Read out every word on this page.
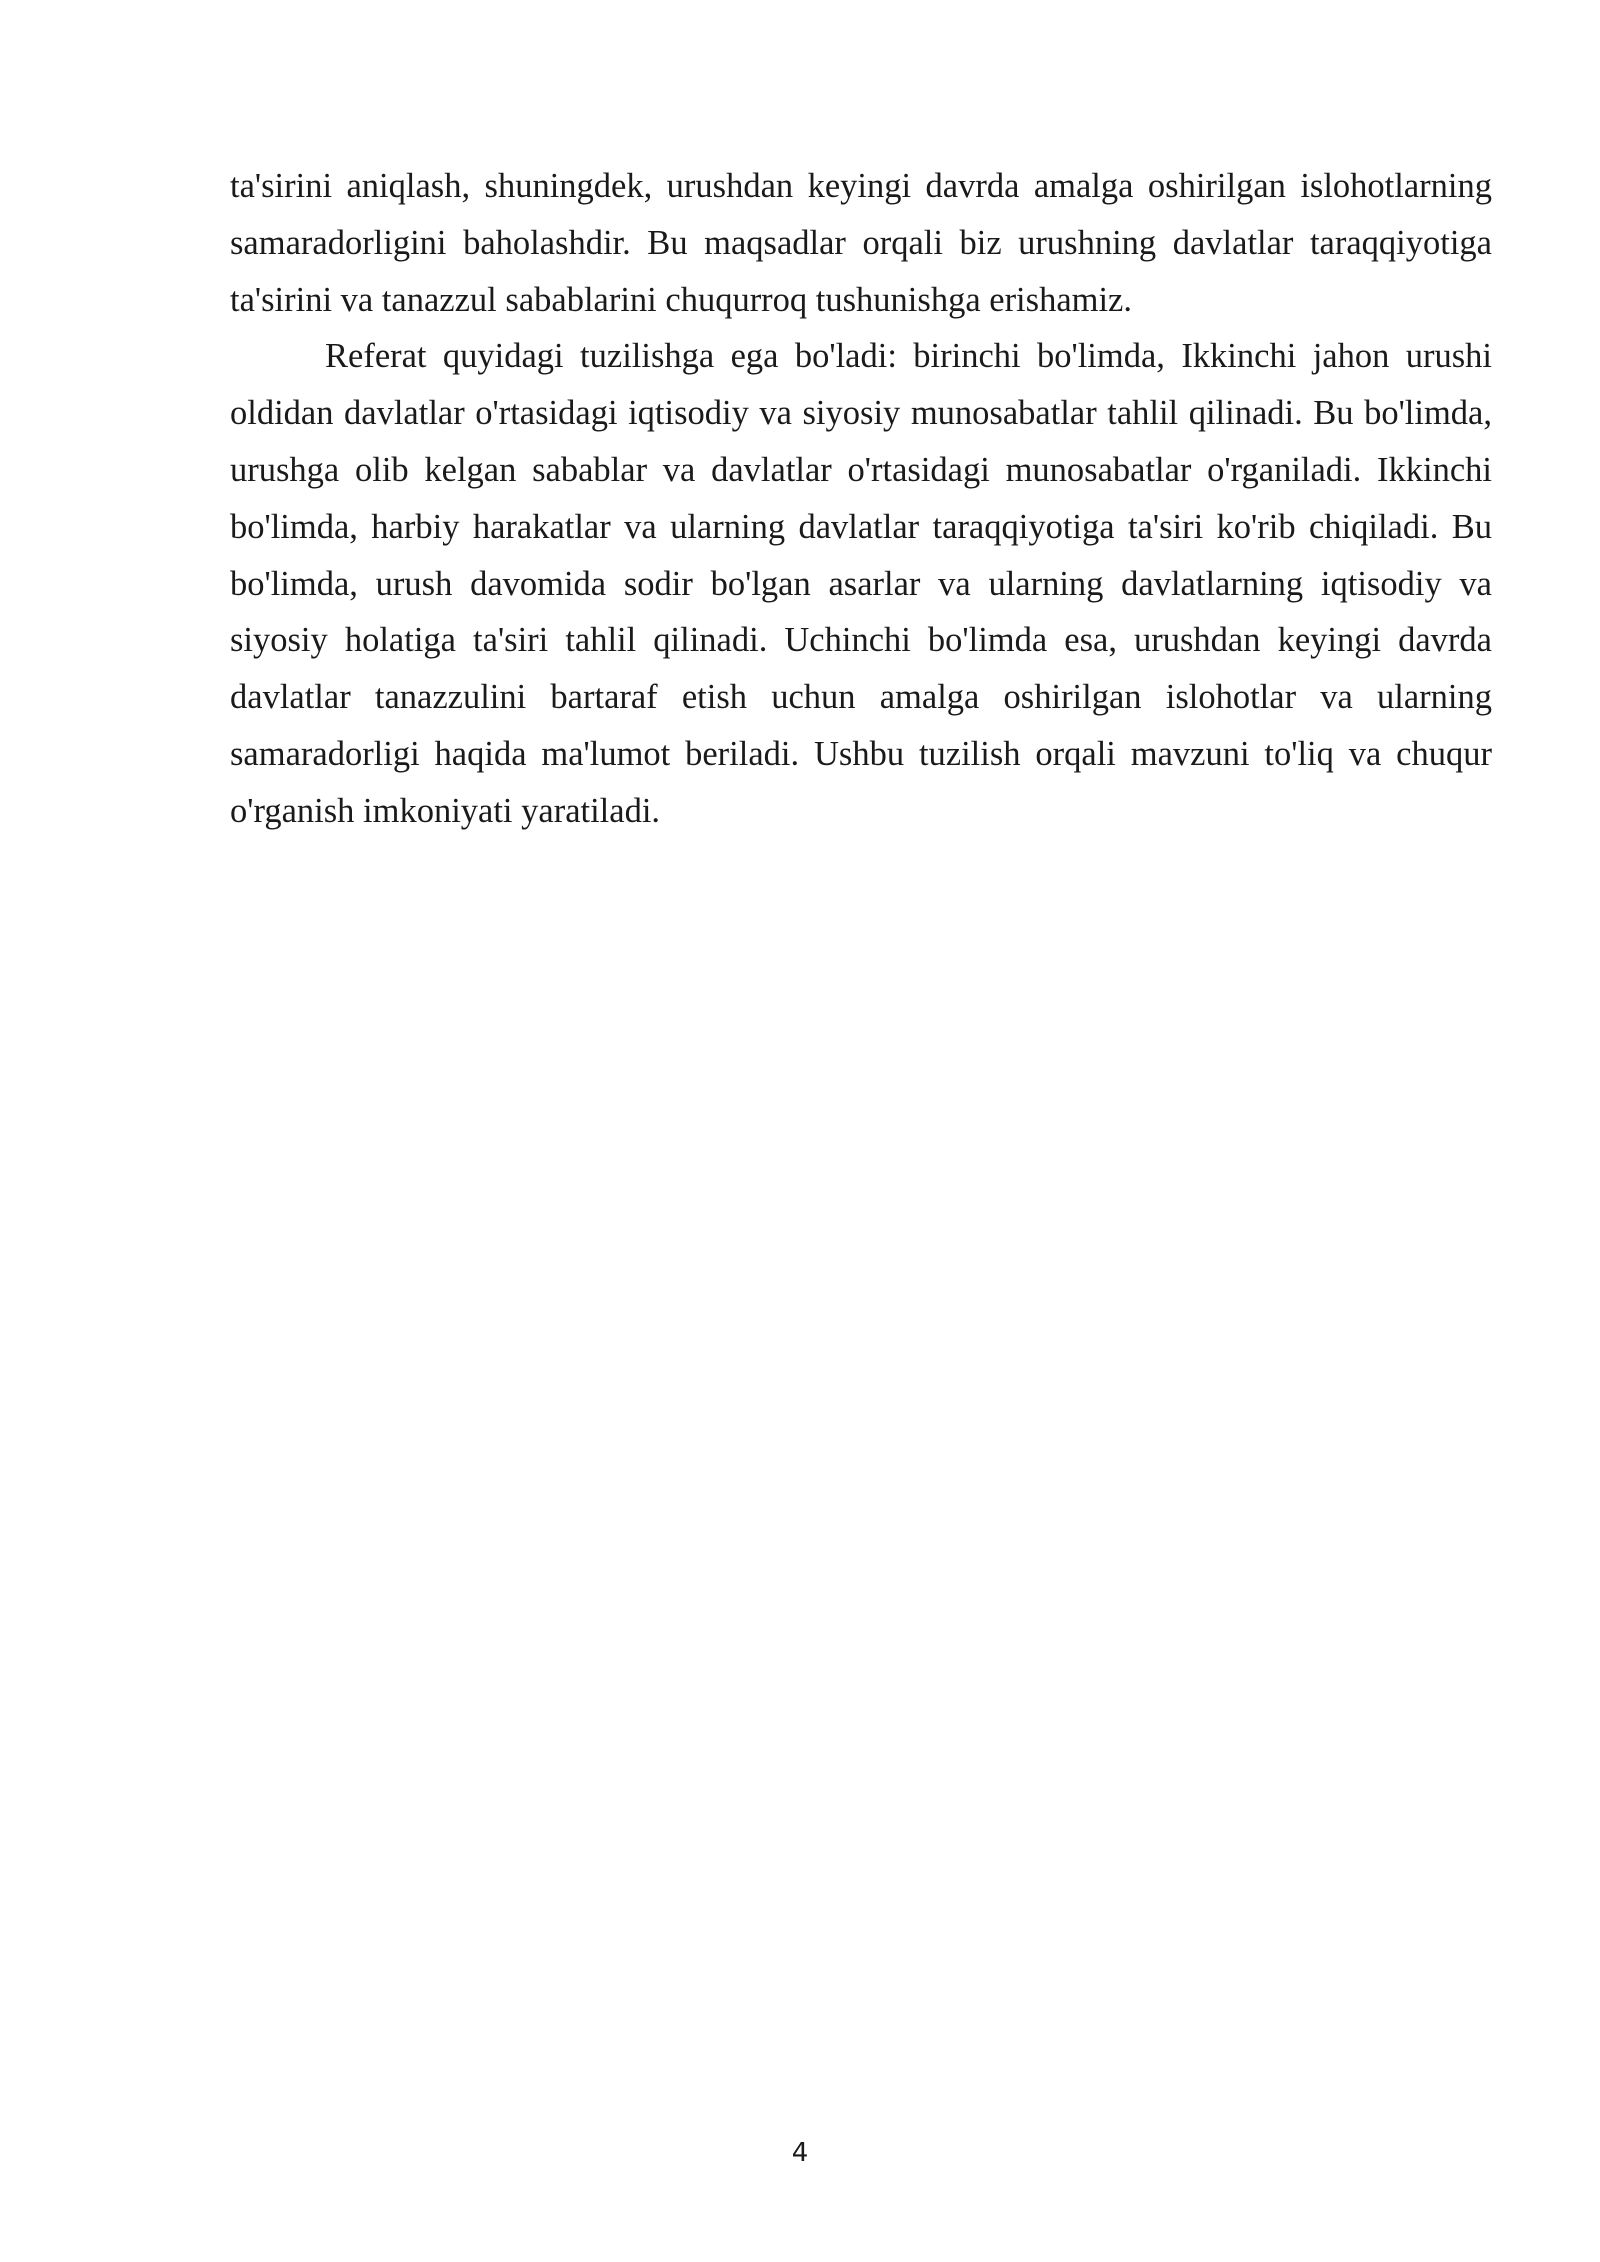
ta'sirini aniqlash, shuningdek, urushdan keyingi davrda amalga oshirilgan islohotlarning samaradorligini baholashdir. Bu maqsadlar orqali biz urushning davlatlar taraqqiyotiga ta'sirini va tanazzul sabablarini chuqurroq tushunishga erishamiz.

Referat quyidagi tuzilishga ega bo'ladi: birinchi bo'limda, Ikkinchi jahon urushi oldidan davlatlar o'rtasidagi iqtisodiy va siyosiy munosabatlar tahlil qilinadi. Bu bo'limda, urushga olib kelgan sabablar va davlatlar o'rtasidagi munosabatlar o'rganiladi. Ikkinchi bo'limda, harbiy harakatlar va ularning davlatlar taraqqiyotiga ta'siri ko'rib chiqiladi. Bu bo'limda, urush davomida sodir bo'lgan asarlar va ularning davlatlarning iqtisodiy va siyosiy holatiga ta'siri tahlil qilinadi. Uchinchi bo'limda esa, urushdan keyingi davrda davlatlar tanazzulini bartaraf etish uchun amalga oshirilgan islohotlar va ularning samaradorligi haqida ma'lumot beriladi. Ushbu tuzilish orqali mavzuni to'liq va chuqur o'rganish imkoniyati yaratiladi.

4
